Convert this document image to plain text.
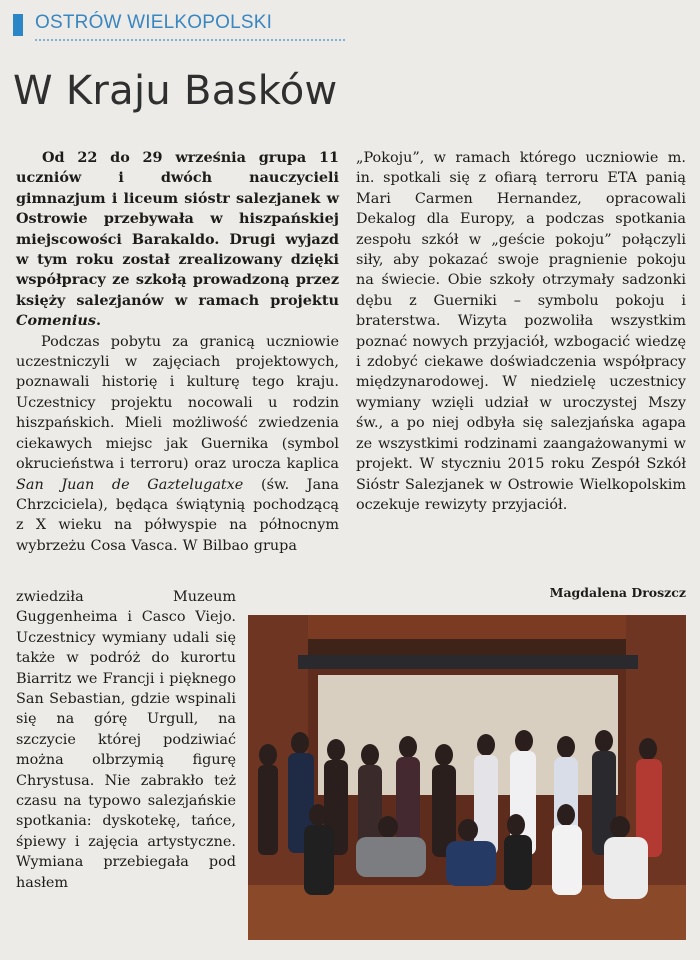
OSTRÓW WIELKOPOLSKI
W Kraju Basków

Od 22 do 29 września grupa 11 uczniów i dwóch nauczycieli gimnazjum i liceum sióstr salezjanek w Ostrowie przebywała w hiszpańskiej miejscowości Barakaldo. Drugi wyjazd w tym roku został zrealizowany dzięki współpracy ze szkołą prowadzoną przez księży salezjanów w ramach projektu Comenius.

Podczas pobytu za granicą uczniowie uczestniczyli w zajęciach projektowych, poznawali historię i kulturę tego kraju. Uczestnicy projektu nocowali u rodzin hiszpańskich. Mieli możliwość zwiedzenia ciekawych miejsc jak Guernika (symbol okrucieństwa i terroru) oraz urocza kaplica San Juan de Gaztelugatxe (św. Jana Chrzciciela), będąca świątynią pochodzącą z X wieku na półwyspie na północnym wybrzeżu Cosa Vasca. W Bilbao grupa

zwiedziła Muzeum Guggenheima i Casco Viejo. Uczestnicy wymiany udali się także w podróż do kurortu Biarritz we Francji i pięknego San Sebastian, gdzie wspinali się na górę Urgull, na szczycie której podziwiać można olbrzymią figurę Chrystusa. Nie zabrakło też czasu na typowo salezjańskie spotkania: dyskotekę, tańce, śpiewy i zajęcia artystyczne. Wymiana przebiegała pod hasłem

„Pokoju”, w ramach którego uczniowie m. in. spotkali się z ofiarą terroru ETA panią Mari Carmen Hernandez, opracowali Dekalog dla Europy, a podczas spotkania zespołu szkół w „geście pokoju” połączyli siły, aby pokazać swoje pragnienie pokoju na świecie. Obie szkoły otrzymały sadzonki dębu z Guerniki – symbolu pokoju i braterstwa. Wizyta pozwoliła wszystkim poznać nowych przyjaciół, wzbogacić wiedzę i zdobyć ciekawe doświadczenia współpracy międzynarodowej. W niedzielę uczestnicy wymiany wzięli udział w uroczystej Mszy św., a po niej odbyła się salezjańska agapa ze wszystkimi rodzinami zaangażowanymi w projekt. W styczniu 2015 roku Zespół Szkół Sióstr Salezjanek w Ostrowie Wielkopolskim oczekuje rewizyty przyjaciół.

Magdalena Droszcz
